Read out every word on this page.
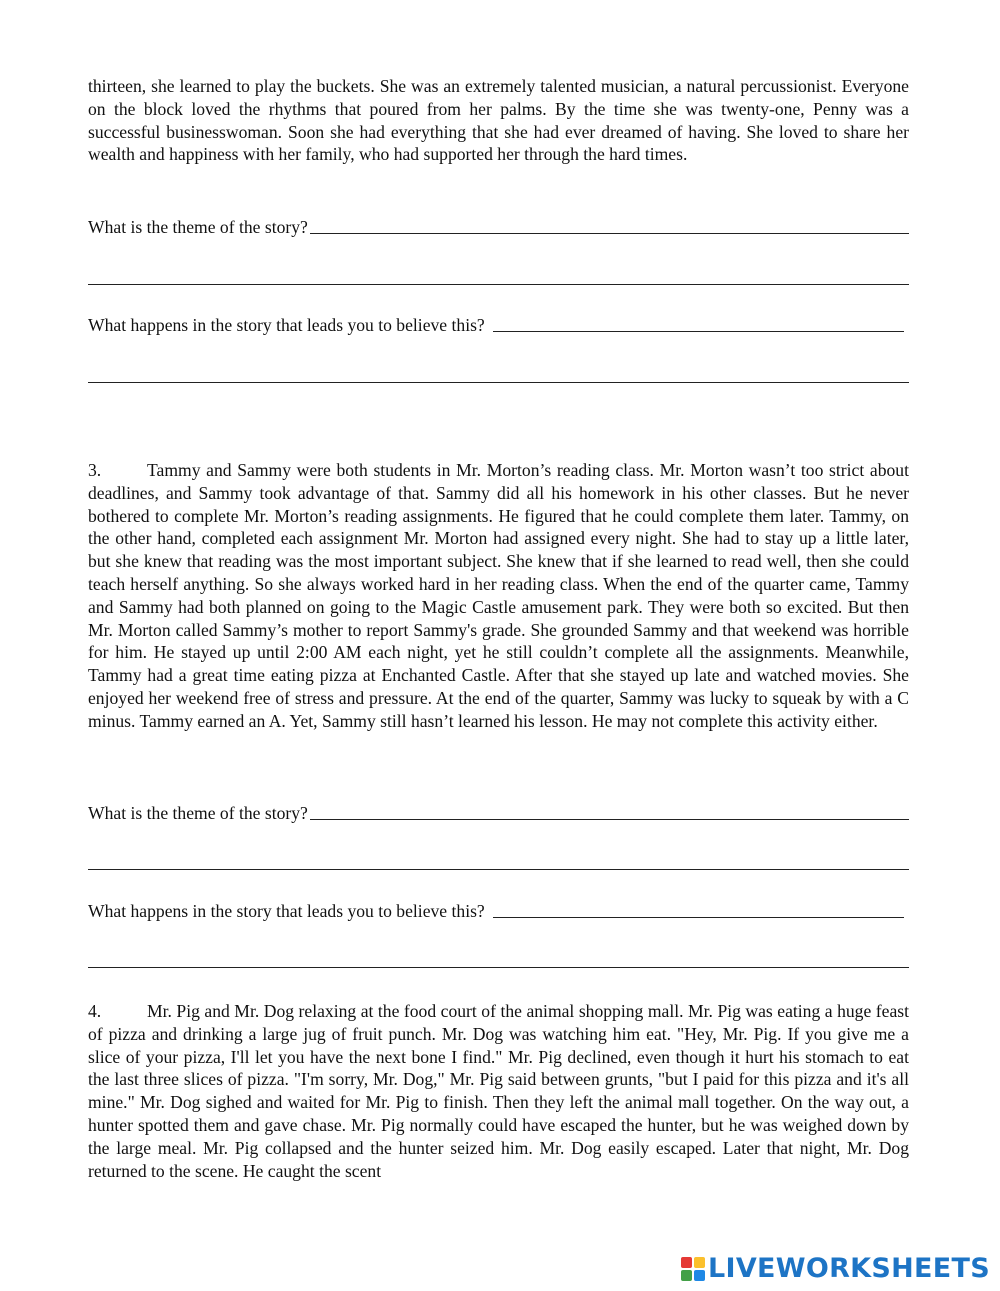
thirteen, she learned to play the buckets. She was an extremely talented musician, a natural percussionist. Everyone on the block loved the rhythms that poured from her palms. By the time she was twenty-one, Penny was a successful businesswoman. Soon she had everything that she had ever dreamed of having. She loved to share her wealth and happiness with her family, who had supported her through the hard times.

What is the theme of the story?
What happens in the story that leads you to believe this?

3.	Tammy and Sammy were both students in Mr. Morton’s reading class. Mr. Morton wasn’t too strict about deadlines, and Sammy took advantage of that. Sammy did all his homework in his other classes. But he never bothered to complete Mr. Morton’s reading assignments. He figured that he could complete them later. Tammy, on the other hand, completed each assignment Mr. Morton had assigned every night. She had to stay up a little later, but she knew that reading was the most important subject. She knew that if she learned to read well, then she could teach herself anything. So she always worked hard in her reading class. When the end of the quarter came, Tammy and Sammy had both planned on going to the Magic Castle amusement park. They were both so excited. But then Mr. Morton called Sammy’s mother to report Sammy's grade. She grounded Sammy and that weekend was horrible for him. He stayed up until 2:00 AM each night, yet he still couldn’t complete all the assignments. Meanwhile, Tammy had a great time eating pizza at Enchanted Castle. After that she stayed up late and watched movies. She enjoyed her weekend free of stress and pressure. At the end of the quarter, Sammy was lucky to squeak by with a C minus. Tammy earned an A. Yet, Sammy still hasn’t learned his lesson. He may not complete this activity either.

What is the theme of the story?
What happens in the story that leads you to believe this?

4.	Mr. Pig and Mr. Dog relaxing at the food court of the animal shopping mall. Mr. Pig was eating a huge feast of pizza and drinking a large jug of fruit punch. Mr. Dog was watching him eat. "Hey, Mr. Pig. If you give me a slice of your pizza, I'll let you have the next bone I find." Mr. Pig declined, even though it hurt his stomach to eat the last three slices of pizza. "I'm sorry, Mr. Dog," Mr. Pig said between grunts, "but I paid for this pizza and it's all mine." Mr. Dog sighed and waited for Mr. Pig to finish. Then they left the animal mall together. On the way out, a hunter spotted them and gave chase. Mr. Pig normally could have escaped the hunter, but he was weighed down by the large meal. Mr. Pig collapsed and the hunter seized him. Mr. Dog easily escaped. Later that night, Mr. Dog returned to the scene. He caught the scent

LIVEWORKSHEETS
